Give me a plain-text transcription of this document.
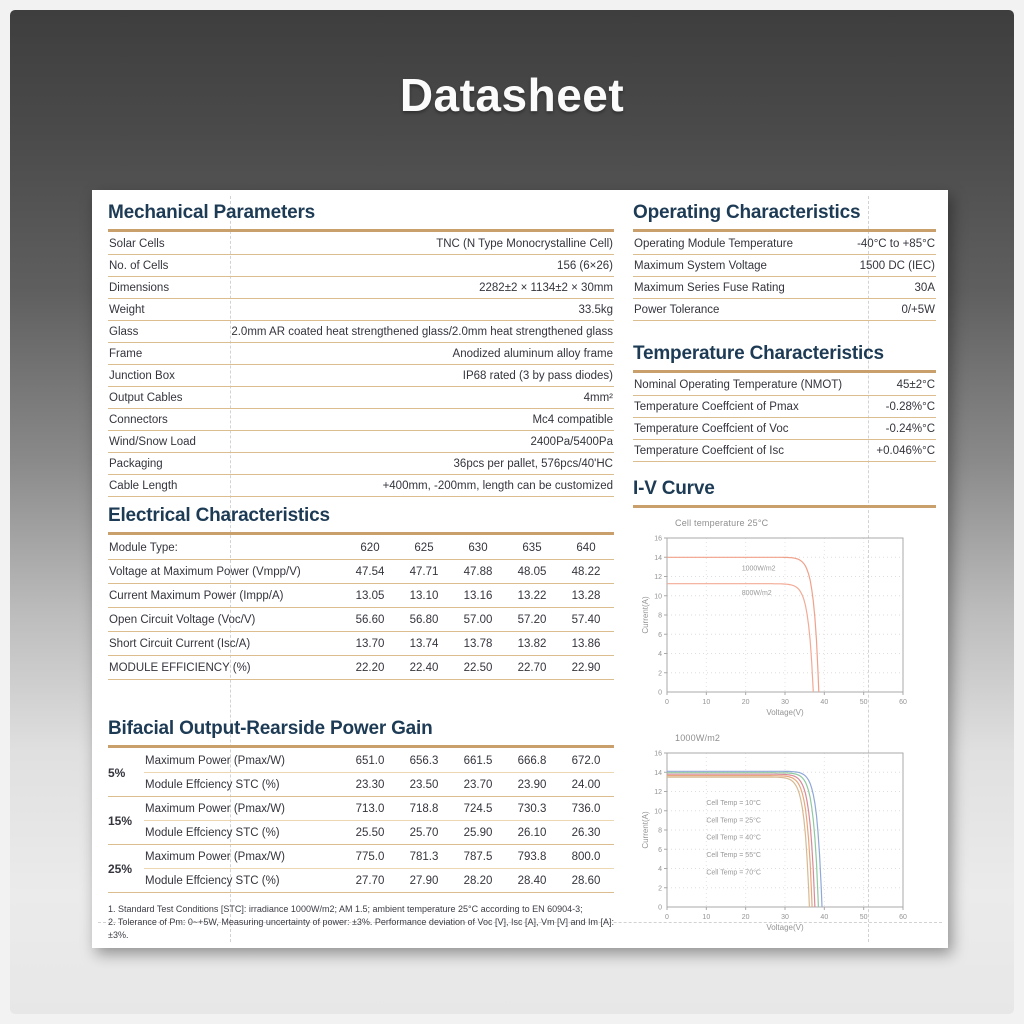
Datasheet
Mechanical Parameters
Solar Cells	TNC (N Type Monocrystalline Cell)
No. of Cells	156 (6×26)
Dimensions	2282±2 × 1134±2 × 30mm
Weight	33.5kg
Glass	2.0mm AR coated heat strengthened glass/2.0mm heat strengthened glass
Frame	Anodized aluminum alloy frame
Junction Box	IP68 rated (3 by pass diodes)
Output Cables	4mm²
Connectors	Mc4 compatible
Wind/Snow Load	2400Pa/5400Pa
Packaging	36pcs per pallet, 576pcs/40'HC
Cable Length	+400mm, -200mm, length can be customized
Electrical Characteristics
Module Type:	620	625	630	635	640
Voltage at Maximum Power (Vmpp/V)	47.54	47.71	47.88	48.05	48.22
Current Maximum Power (Impp/A)	13.05	13.10	13.16	13.22	13.28
Open Circuit Voltage (Voc/V)	56.60	56.80	57.00	57.20	57.40
Short Circuit Current (Isc/A)	13.70	13.74	13.78	13.82	13.86
MODULE EFFICIENCY (%)	22.20	22.40	22.50	22.70	22.90
Bifacial Output-Rearside Power Gain
5%
Maximum Power (Pmax/W)	651.0	656.3	661.5	666.8	672.0
Module Effciency STC (%)	23.30	23.50	23.70	23.90	24.00
15%
Maximum Power (Pmax/W)	713.0	718.8	724.5	730.3	736.0
Module Effciency STC (%)	25.50	25.70	25.90	26.10	26.30
25%
Maximum Power (Pmax/W)	775.0	781.3	787.5	793.8	800.0
Module Effciency STC (%)	27.70	27.90	28.20	28.40	28.60
1. Standard Test Conditions [STC]: irradiance 1000W/m2; AM 1.5; ambient temperature 25°C according to EN 60904-3;
2. Tolerance of Pm: 0~+5W, Measuring uncertainty of power: ±3%. Performance deviation of Voc [V], Isc [A], Vm [V] and Im [A]: ±3%.
Operating Characteristics
Operating Module Temperature	-40°C to +85°C
Maximum System Voltage	1500 DC (IEC)
Maximum Series Fuse Rating	30A
Power Tolerance	0/+5W
Temperature Characteristics
Nominal Operating Temperature (NMOT)	45±2°C
Temperature Coeffcient of Pmax	-0.28%°C
Temperature Coeffcient of Voc	-0.24%°C
Temperature Coeffcient of Isc	+0.046%°C
I-V Curve
Cell temperature 25°C
0	10	20	30	40	50	60
2
4
6
8
10
12
14
16
0
Voltage(V)
Current(A)
1000W/m2
800W/m2
1000W/m2
0	10	20	30	40	50	60
2
4
6
8
10
12
14
16
0
Voltage(V)
Current(A)
Cell Temp = 10°C
Cell Temp = 25°C
Cell Temp = 40°C
Cell Temp = 55°C
Cell Temp = 70°C
